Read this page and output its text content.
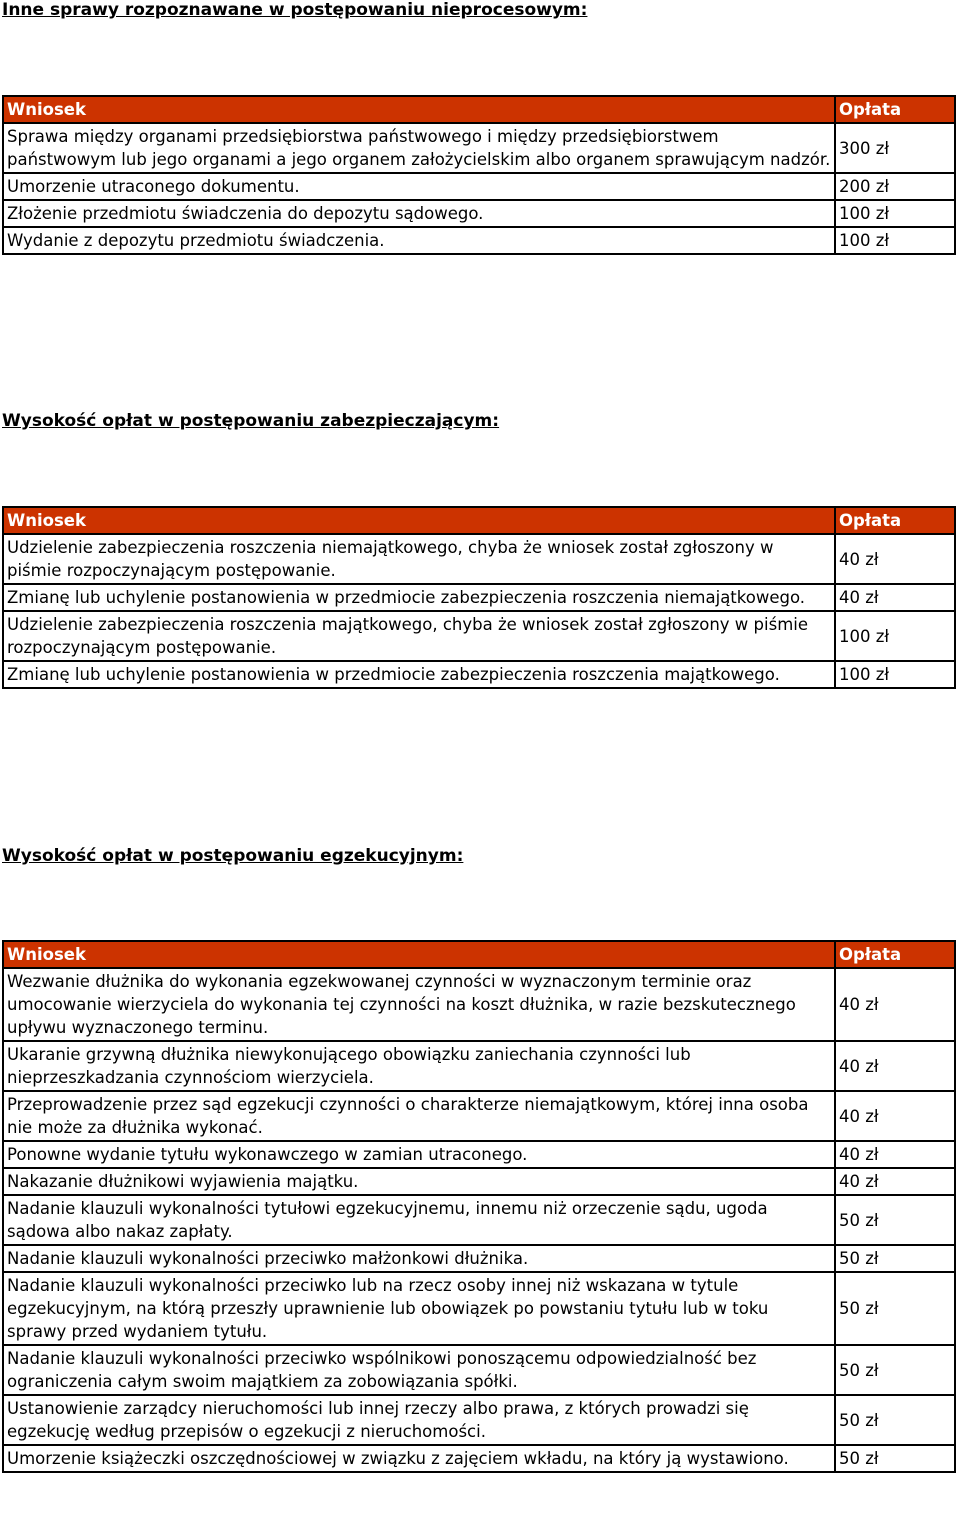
Inne sprawy rozpoznawane w postępowaniu nieprocesowym:
Wniosek	Opłata
Sprawa między organami przedsiębiorstwa państwowego i między przedsiębiorstwem państwowym lub jego organami a jego organem założycielskim albo organem sprawującym nadzór.	300 zł
Umorzenie utraconego dokumentu.	200 zł
Złożenie przedmiotu świadczenia do depozytu sądowego.	100 zł
Wydanie z depozytu przedmiotu świadczenia.	100 zł
Wysokość opłat w postępowaniu zabezpieczającym:
Wniosek	Opłata
Udzielenie zabezpieczenia roszczenia niemajątkowego, chyba że wniosek został zgłoszony w piśmie rozpoczynającym postępowanie.	40 zł
Zmianę lub uchylenie postanowienia w przedmiocie zabezpieczenia roszczenia niemajątkowego.	40 zł
Udzielenie zabezpieczenia roszczenia majątkowego, chyba że wniosek został zgłoszony w piśmie rozpoczynającym postępowanie.	100 zł
Zmianę lub uchylenie postanowienia w przedmiocie zabezpieczenia roszczenia majątkowego.	100 zł
Wysokość opłat w postępowaniu egzekucyjnym:
Wniosek	Opłata
Wezwanie dłużnika do wykonania egzekwowanej czynności w wyznaczonym terminie oraz umocowanie wierzyciela do wykonania tej czynności na koszt dłużnika, w razie bezskutecznego upływu wyznaczonego terminu.	40 zł
Ukaranie grzywną dłużnika niewykonującego obowiązku zaniechania czynności lub nieprzeszkadzania czynnościom wierzyciela.	40 zł
Przeprowadzenie przez sąd egzekucji czynności o charakterze niemajątkowym, której inna osoba nie może za dłużnika wykonać.	40 zł
Ponowne wydanie tytułu wykonawczego w zamian utraconego.	40 zł
Nakazanie dłużnikowi wyjawienia majątku.	40 zł
Nadanie klauzuli wykonalności tytułowi egzekucyjnemu, innemu niż orzeczenie sądu, ugoda sądowa albo nakaz zapłaty.	50 zł
Nadanie klauzuli wykonalności przeciwko małżonkowi dłużnika.	50 zł
Nadanie klauzuli wykonalności przeciwko lub na rzecz osoby innej niż wskazana w tytule egzekucyjnym, na którą przeszły uprawnienie lub obowiązek po powstaniu tytułu lub w toku sprawy przed wydaniem tytułu.	50 zł
Nadanie klauzuli wykonalności przeciwko wspólnikowi ponoszącemu odpowiedzialność bez ograniczenia całym swoim majątkiem za zobowiązania spółki.	50 zł
Ustanowienie zarządcy nieruchomości lub innej rzeczy albo prawa, z których prowadzi się egzekucję według przepisów o egzekucji z nieruchomości.	50 zł
Umorzenie książeczki oszczędnościowej w związku z zajęciem wkładu, na który ją wystawiono.	50 zł
